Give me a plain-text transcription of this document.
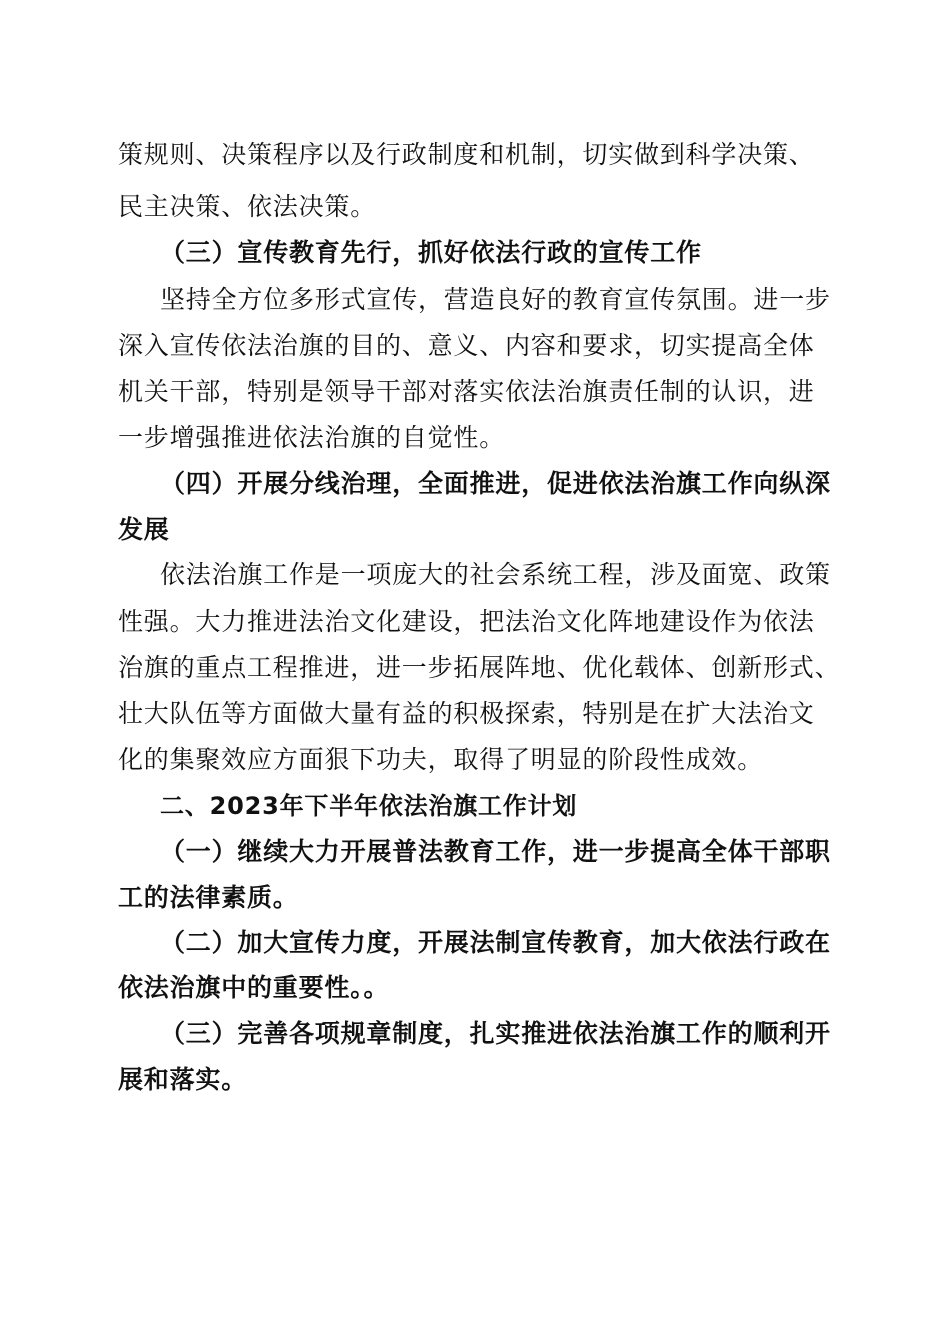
策规则、决策程序以及行政制度和机制，切实做到科学决策、
民主决策、依法决策。
（三）宣传教育先行，抓好依法行政的宣传工作
坚持全方位多形式宣传，营造良好的教育宣传氛围。进一步
深入宣传依法治旗的目的、意义、内容和要求，切实提高全体
机关干部，特别是领导干部对落实依法治旗责任制的认识，进
一步增强推进依法治旗的自觉性。
（四）开展分线治理，全面推进，促进依法治旗工作向纵深
发展
依法治旗工作是一项庞大的社会系统工程，涉及面宽、政策
性强。大力推进法治文化建设，把法治文化阵地建设作为依法
治旗的重点工程推进，进一步拓展阵地、优化载体、创新形式、
壮大队伍等方面做大量有益的积极探索，特别是在扩大法治文
化的集聚效应方面狠下功夫，取得了明显的阶段性成效。
二、2023年下半年依法治旗工作计划
（一）继续大力开展普法教育工作，进一步提高全体干部职
工的法律素质。
（二）加大宣传力度，开展法制宣传教育，加大依法行政在
依法治旗中的重要性。。
（三）完善各项规章制度，扎实推进依法治旗工作的顺利开
展和落实。
